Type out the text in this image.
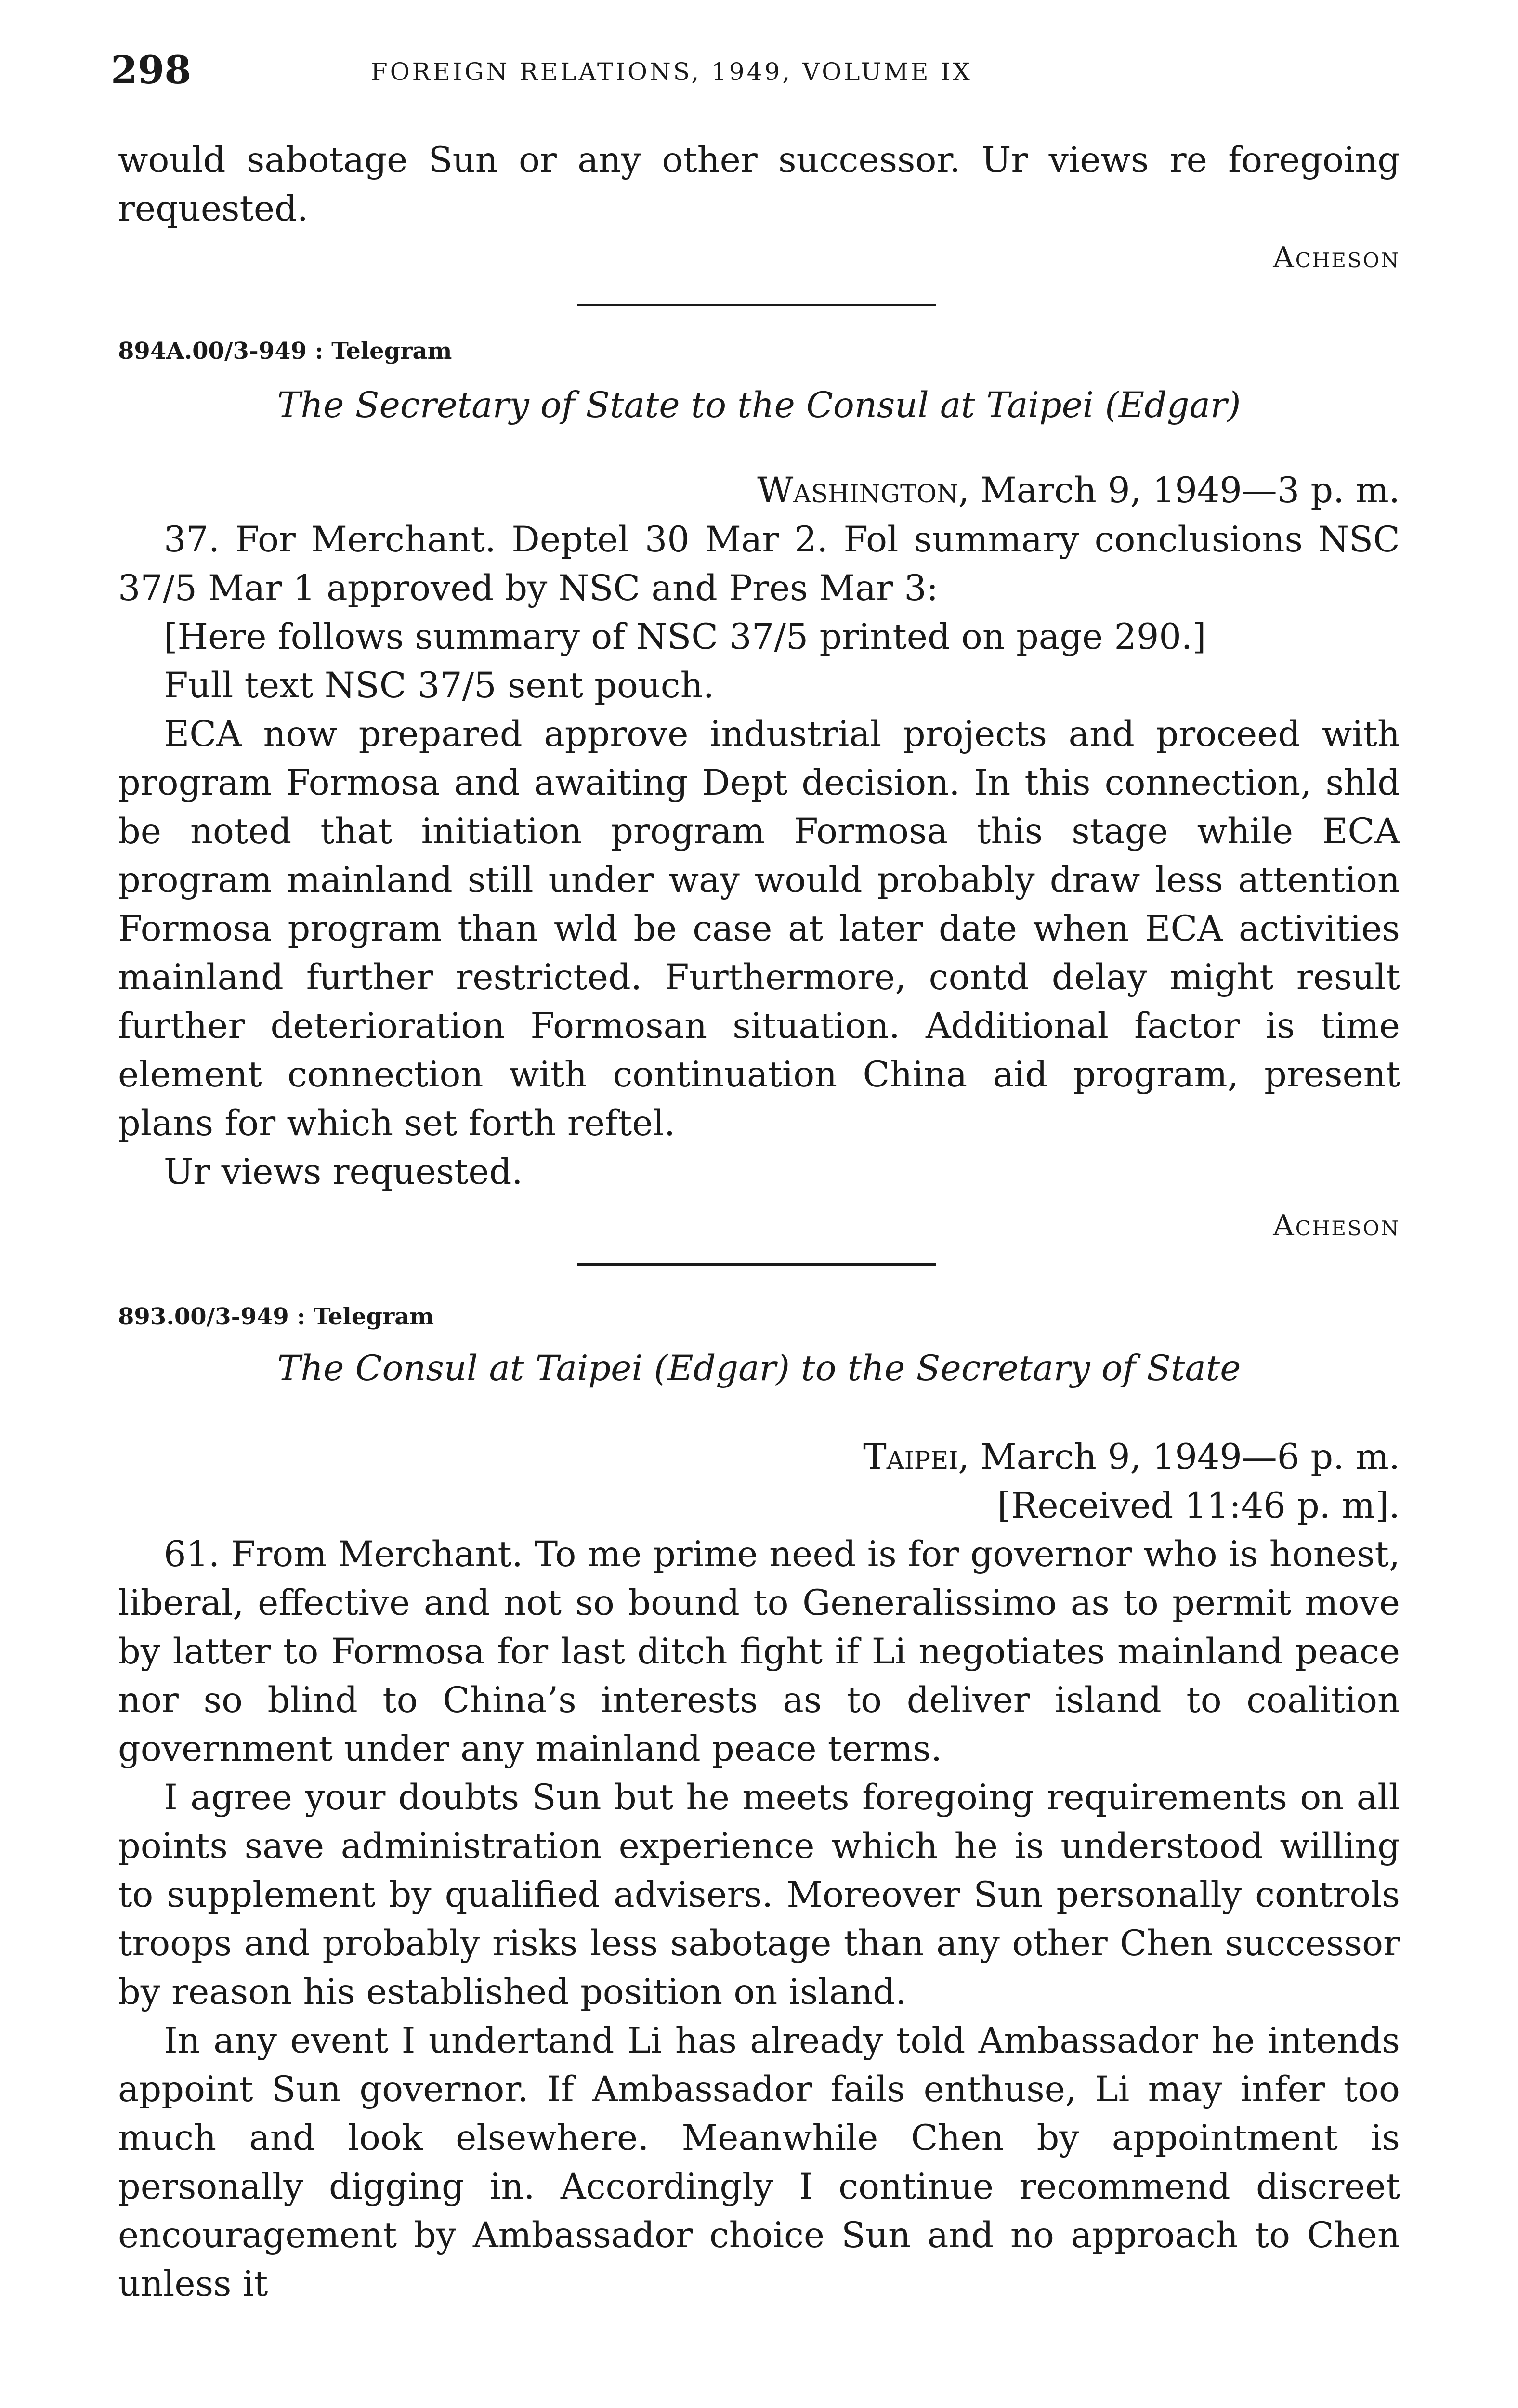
298	FOREIGN RELATIONS, 1949, VOLUME IX
would sabotage Sun or any other successor. Ur views re foregoing requested.
Acheson
894A.00/3-949 : Telegram
The Secretary of State to the Consul at Taipei (Edgar)
Washington, March 9, 1949—3 p. m.
37. For Merchant. Deptel 30 Mar 2. Fol summary conclusions NSC 37/5 Mar 1 approved by NSC and Pres Mar 3:
[Here follows summary of NSC 37/5 printed on page 290.]
Full text NSC 37/5 sent pouch.
ECA now prepared approve industrial projects and proceed with program Formosa and awaiting Dept decision. In this connection, shld be noted that initiation program Formosa this stage while ECA program mainland still under way would probably draw less attention Formosa program than wld be case at later date when ECA activities mainland further restricted. Furthermore, contd delay might result further deterioration Formosan situation. Additional factor is time element connection with continuation China aid program, present plans for which set forth reftel.
Ur views requested.
Acheson
893.00/3-949 : Telegram
The Consul at Taipei (Edgar) to the Secretary of State
Taipei, March 9, 1949—6 p. m.
[Received 11:46 p. m].
61. From Merchant. To me prime need is for governor who is honest, liberal, effective and not so bound to Generalissimo as to permit move by latter to Formosa for last ditch fight if Li negotiates mainland peace nor so blind to China’s interests as to deliver island to coalition government under any mainland peace terms.
I agree your doubts Sun but he meets foregoing requirements on all points save administration experience which he is understood willing to supplement by qualified advisers. Moreover Sun personally controls troops and probably risks less sabotage than any other Chen successor by reason his established position on island.
In any event I undertand Li has already told Ambassador he intends appoint Sun governor. If Ambassador fails enthuse, Li may infer too much and look elsewhere. Meanwhile Chen by appointment is personally digging in. Accordingly I continue recommend discreet encouragement by Ambassador choice Sun and no approach to Chen unless it
